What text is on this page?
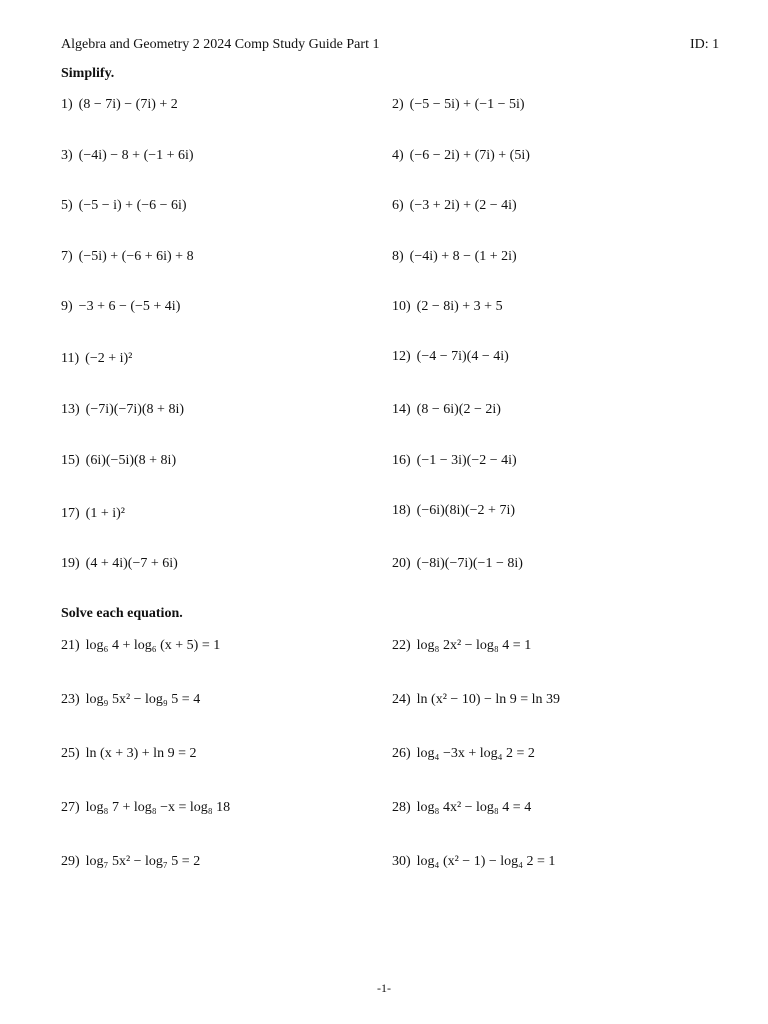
Algebra and Geometry 2 2024 Comp Study Guide Part 1	ID: 1
Simplify.
Solve each equation.
1) (8 − 7i) − (7i) + 2	2) (−5 − 5i) + (−1 − 5i)
3) (−4i) − 8 + (−1 + 6i)	4) (−6 − 2i) + (7i) + (5i)
5) (−5 − i) + (−6 − 6i)	6) (−3 + 2i) + (2 − 4i)
7) (−5i) + (−6 + 6i) + 8	8) (−4i) + 8 − (1 + 2i)
9) −3 + 6 − (−5 + 4i)	10) (2 − 8i) + 3 + 5
11) (−2 + i)²	12) (−4 − 7i)(4 − 4i)
13) (−7i)(−7i)(8 + 8i)	14) (8 − 6i)(2 − 2i)
15) (6i)(−5i)(8 + 8i)	16) (−1 − 3i)(−2 − 4i)
17) (1 + i)²	18) (−6i)(8i)(−2 + 7i)
19) (4 + 4i)(−7 + 6i)	20) (−8i)(−7i)(−1 − 8i)
21) log₆ 4 + log₆ (x + 5) = 1	22) log₈ 2x² − log₈ 4 = 1
23) log₉ 5x² − log₉ 5 = 4	24) ln (x² − 10) − ln 9 = ln 39
25) ln (x + 3) + ln 9 = 2	26) log₄ −3x + log₄ 2 = 2
27) log₈ 7 + log₈ −x = log₈ 18	28) log₈ 4x² − log₈ 4 = 4
29) log₇ 5x² − log₇ 5 = 2	30) log₄ (x² − 1) − log₄ 2 = 1
-1-
